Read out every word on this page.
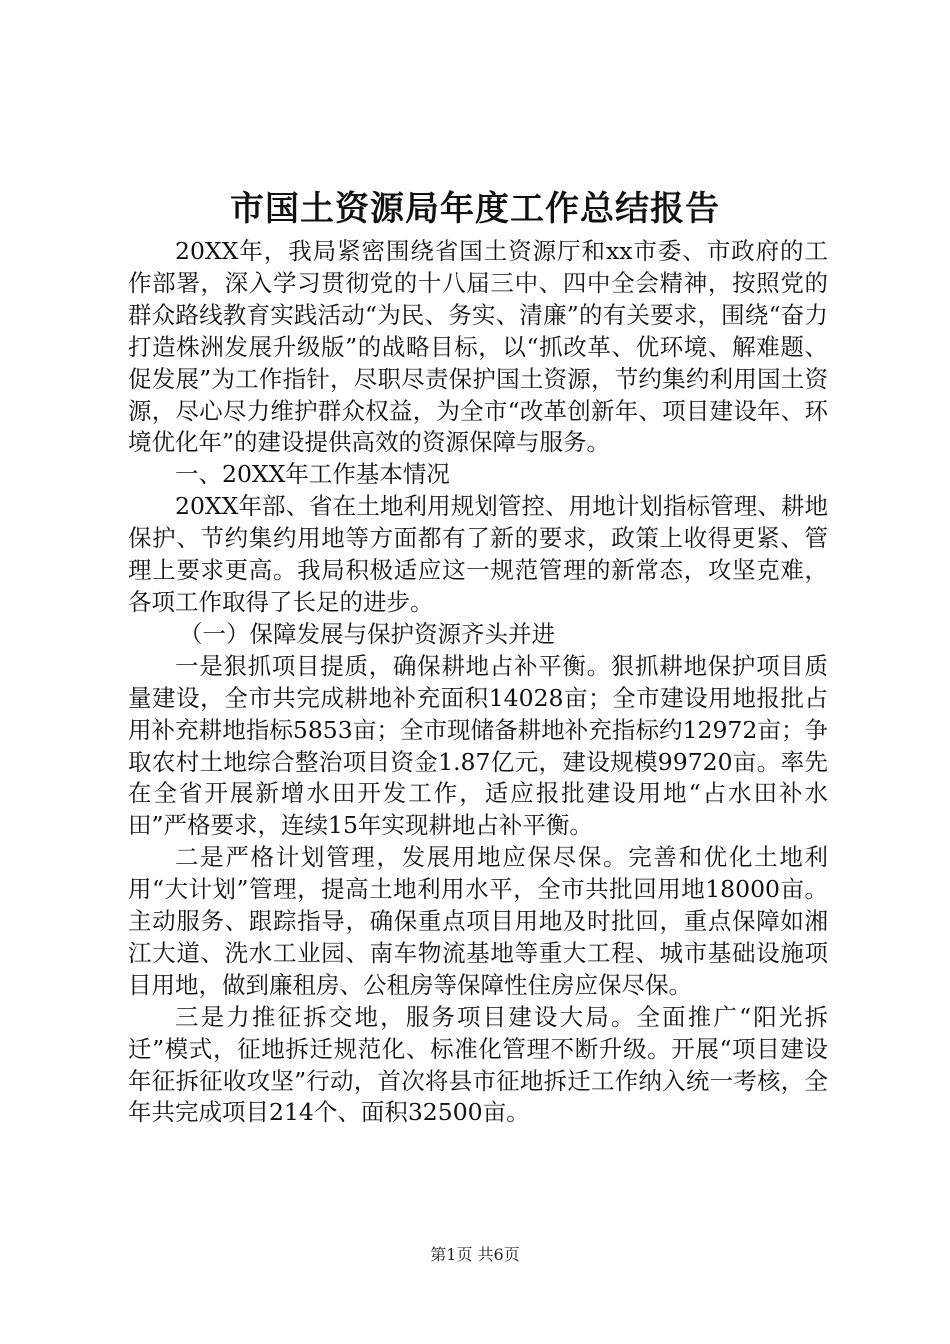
市国土资源局年度工作总结报告

20XX年，我局紧密围绕省国土资源厅和xx市委、市政府的工作部署，深入学习贯彻党的十八届三中、四中全会精神，按照党的群众路线教育实践活动“为民、务实、清廉”的有关要求，围绕“奋力打造株洲发展升级版”的战略目标，以“抓改革、优环境、解难题、促发展”为工作指针，尽职尽责保护国土资源，节约集约利用国土资源，尽心尽力维护群众权益，为全市“改革创新年、项目建设年、环境优化年”的建设提供高效的资源保障与服务。

一、20XX年工作基本情况

20XX年部、省在土地利用规划管控、用地计划指标管理、耕地保护、节约集约用地等方面都有了新的要求，政策上收得更紧、管理上要求更高。我局积极适应这一规范管理的新常态，攻坚克难，各项工作取得了长足的进步。

（一）保障发展与保护资源齐头并进

一是狠抓项目提质，确保耕地占补平衡。狠抓耕地保护项目质量建设，全市共完成耕地补充面积14028亩；全市建设用地报批占用补充耕地指标5853亩；全市现储备耕地补充指标约12972亩；争取农村土地综合整治项目资金1.87亿元，建设规模99720亩。率先在全省开展新增水田开发工作，适应报批建设用地“占水田补水田”严格要求，连续15年实现耕地占补平衡。

二是严格计划管理，发展用地应保尽保。完善和优化土地利用“大计划”管理，提高土地利用水平，全市共批回用地18000亩。主动服务、跟踪指导，确保重点项目用地及时批回，重点保障如湘江大道、洗水工业园、南车物流基地等重大工程、城市基础设施项目用地，做到廉租房、公租房等保障性住房应保尽保。

三是力推征拆交地，服务项目建设大局。全面推广“阳光拆迁”模式，征地拆迁规范化、标准化管理不断升级。开展“项目建设年征拆征收攻坚”行动，首次将县市征地拆迁工作纳入统一考核，全年共完成项目214个、面积32500亩。

第1页 共6页
